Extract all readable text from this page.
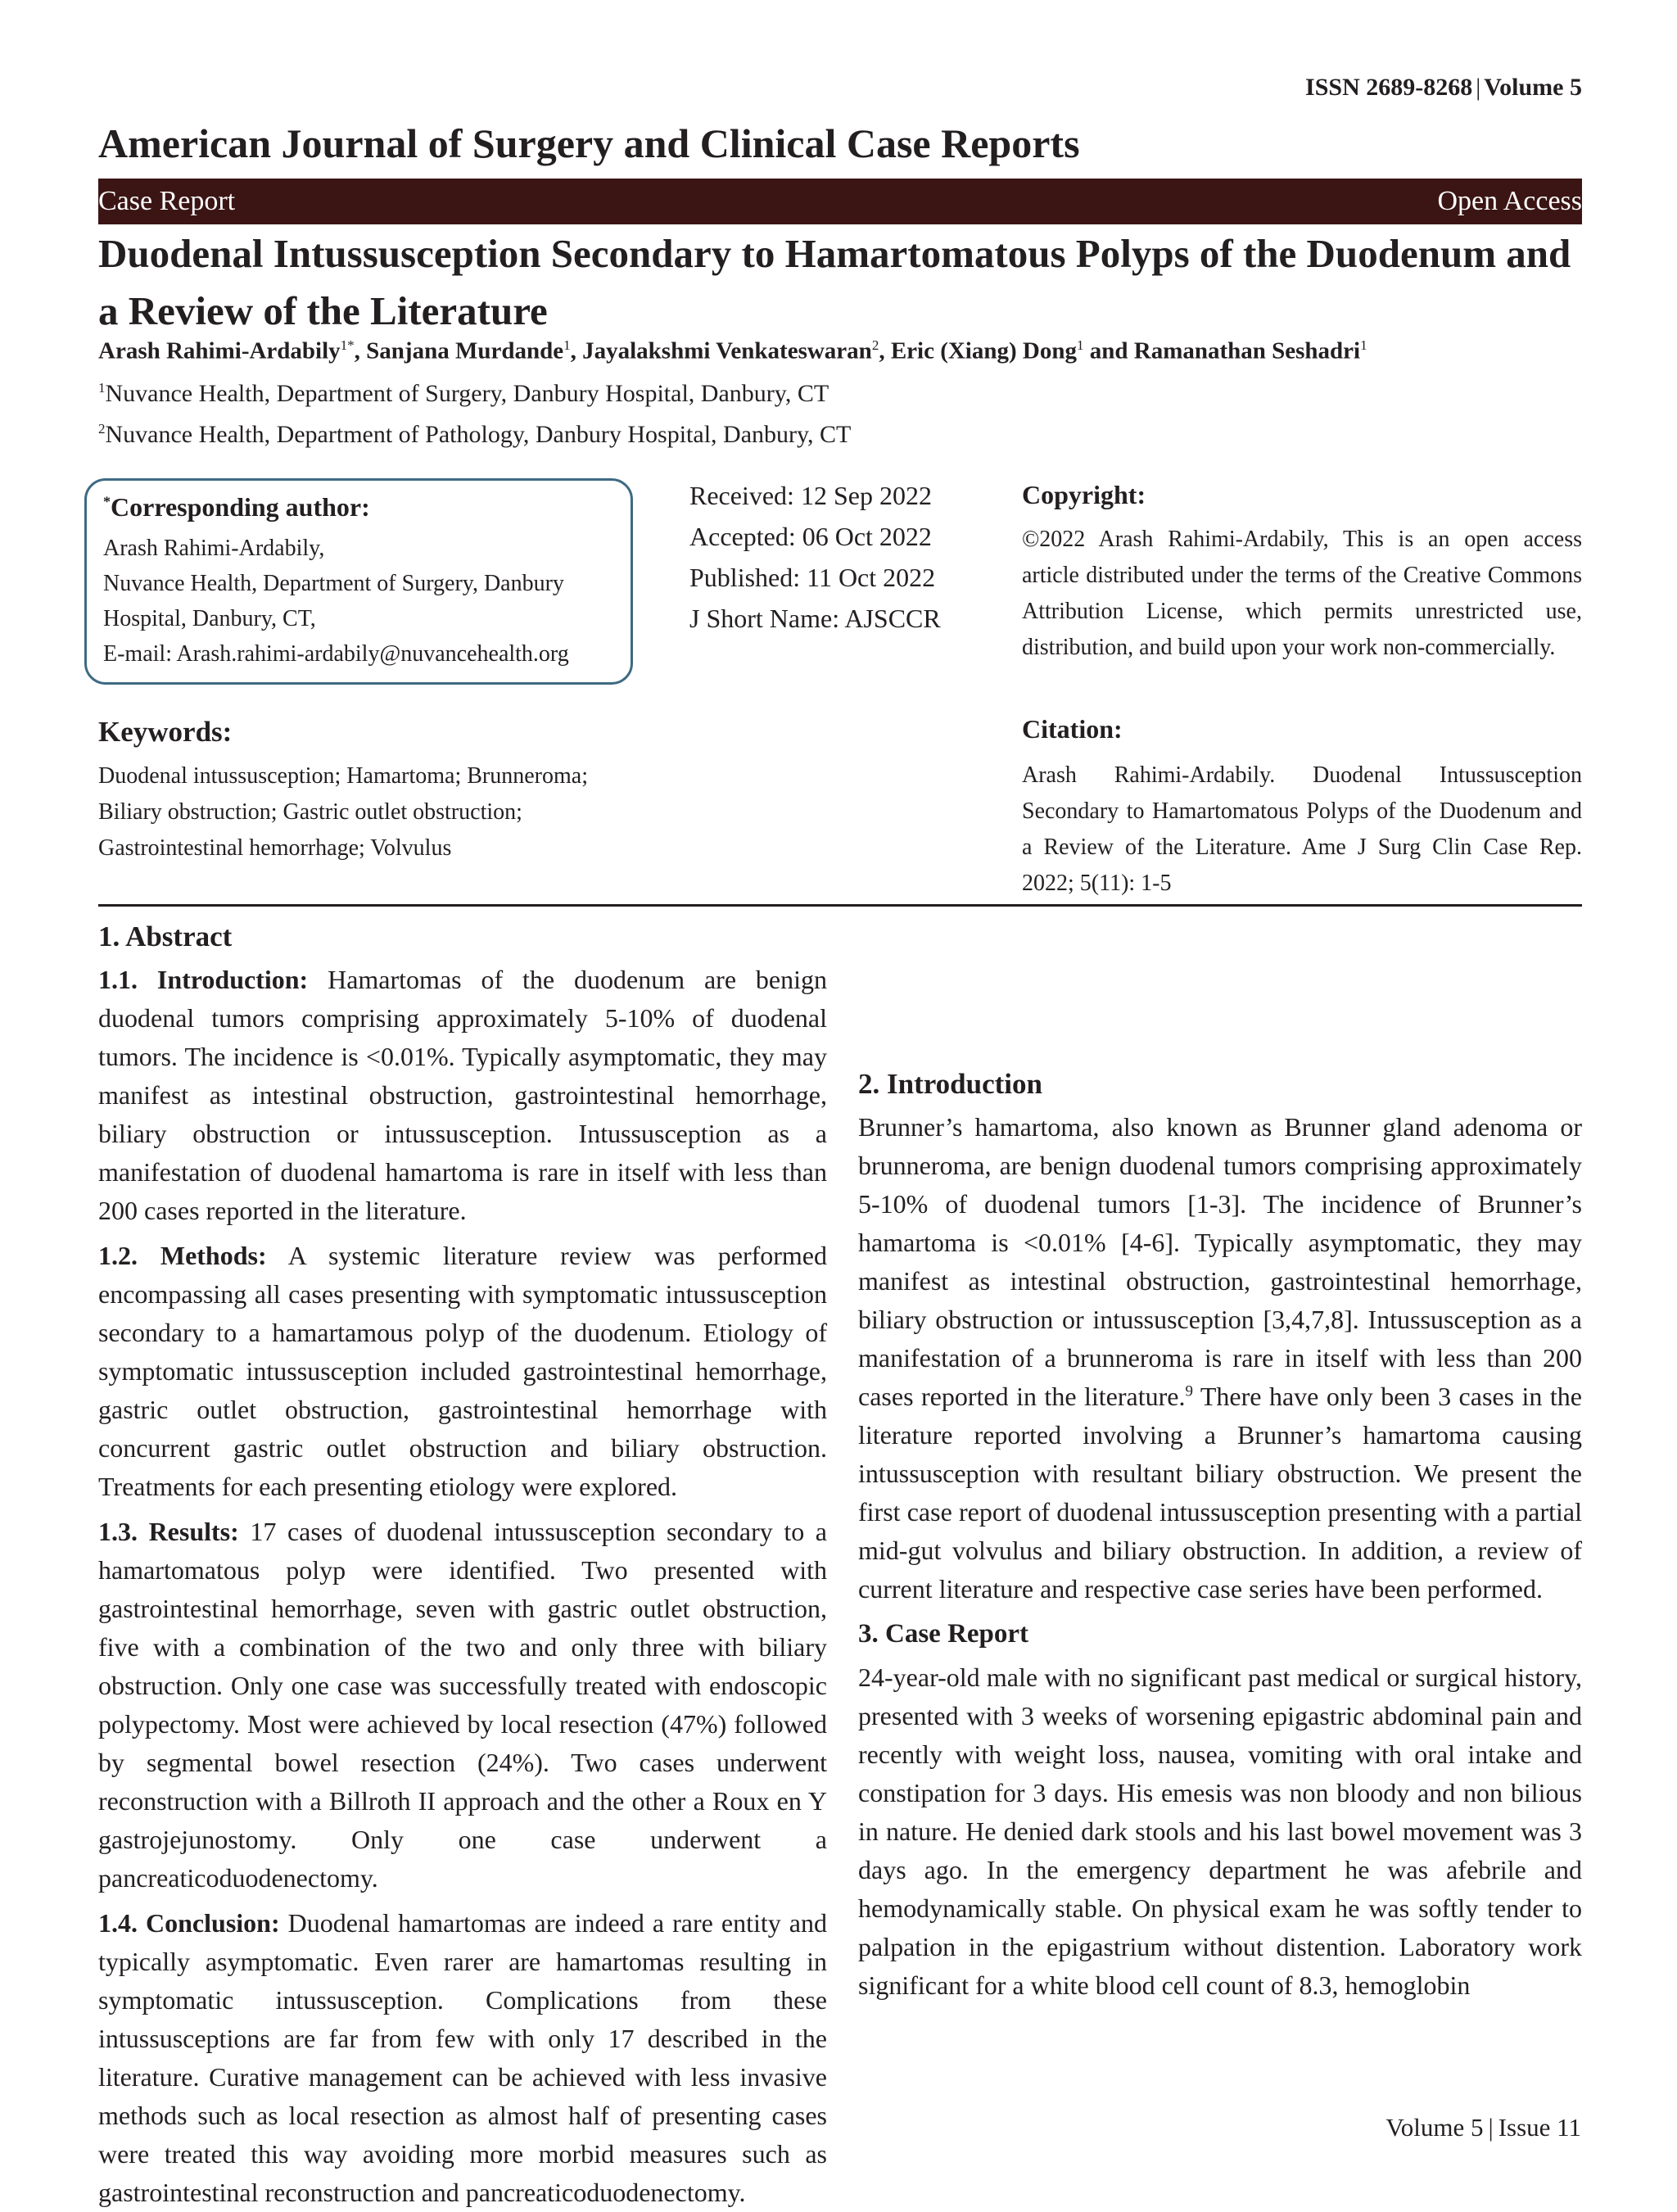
ISSN 2689-8268 | Volume 5
American Journal of Surgery and Clinical Case Reports
Case Report	Open Access
Duodenal Intussusception Secondary to Hamartomatous Polyps of the Duodenum and a Review of the Literature
Arash Rahimi-Ardabily$^{1*}$, Sanjana Murdande$^1$, Jayalakshmi Venkateswaran$^2$, Eric (Xiang) Dong$^1$ and Ramanathan Seshadri$^1$
$^1$Nuvance Health, Department of Surgery, Danbury Hospital, Danbury, CT
$^2$Nuvance Health, Department of Pathology, Danbury Hospital, Danbury, CT
*Corresponding author:
Arash Rahimi-Ardabily,
Nuvance Health, Department of Surgery, Danbury
Hospital, Danbury, CT,
E-mail: Arash.rahimi-ardabily@nuvancehealth.org
Received: 12 Sep 2022
Accepted: 06 Oct 2022
Published: 11 Oct 2022
J Short Name: AJSCCR
Copyright:
©2022 Arash Rahimi-Ardabily, This is an open access article distributed under the terms of the Creative Commons Attribution License, which permits unrestricted use, distribution, and build upon your work non-commercially.
Citation:
Arash Rahimi-Ardabily. Duodenal Intussusception Secondary to Hamartomatous Polyps of the Duodenum and a Review of the Literature. Ame J Surg Clin Case Rep. 2022; 5(11): 1-5
Keywords:
Duodenal intussusception; Hamartoma; Brunneroma;
Biliary obstruction; Gastric outlet obstruction;
Gastrointestinal hemorrhage; Volvulus
1. Abstract

1.1. Introduction: Hamartomas of the duodenum are benign duodenal tumors comprising approximately 5-10% of duodenal tumors. The incidence is <0.01%. Typically asymptomatic, they may manifest as intestinal obstruction, gastrointestinal hemorrhage, biliary obstruction or intussusception. Intussusception as a manifestation of duodenal hamartoma is rare in itself with less than 200 cases reported in the literature.

1.2. Methods: A systemic literature review was performed encompassing all cases presenting with symptomatic intussusception secondary to a hamartamous polyp of the duodenum. Etiology of symptomatic intussusception included gastrointestinal hemorrhage, gastric outlet obstruction, gastrointestinal hemorrhage with concurrent gastric outlet obstruction and biliary obstruction. Treatments for each presenting etiology were explored.

1.3. Results: 17 cases of duodenal intussusception secondary to a hamartomatous polyp were identified. Two presented with gastrointestinal hemorrhage, seven with gastric outlet obstruction, five with a combination of the two and only three with biliary obstruction. Only one case was successfully treated with endoscopic polypectomy. Most were achieved by local resection (47%) followed by segmental bowel resection (24%). Two cases underwent reconstruction with a Billroth II approach and the other a Roux en Y gastrojejunostomy. Only one case underwent a pancreaticoduodenectomy.

1.4. Conclusion: Duodenal hamartomas are indeed a rare entity and typically asymptomatic. Even rarer are hamartomas resulting in symptomatic intussusception. Complications from these intussusceptions are far from few with only 17 described in the literature. Curative management can be achieved with less invasive methods such as local resection as almost half of presenting cases were treated this way avoiding more morbid measures such as gastrointestinal reconstruction and pancreaticoduodenectomy.

2. Introduction

Brunner’s hamartoma, also known as Brunner gland adenoma or brunneroma, are benign duodenal tumors comprising approximately 5-10% of duodenal tumors [1-3]. The incidence of Brunner’s hamartoma is <0.01% [4-6]. Typically asymptomatic, they may manifest as intestinal obstruction, gastrointestinal hemorrhage, biliary obstruction or intussusception [3,4,7,8]. Intussusception as a manifestation of a brunneroma is rare in itself with less than 200 cases reported in the literature.$^9$ There have only been 3 cases in the literature reported involving a Brunner’s hamartoma causing intussusception with resultant biliary obstruction. We present the first case report of duodenal intussusception presenting with a partial mid-gut volvulus and biliary obstruction. In addition, a review of current literature and respective case series have been performed.

3. Case Report

24-year-old male with no significant past medical or surgical history, presented with 3 weeks of worsening epigastric abdominal pain and recently with weight loss, nausea, vomiting with oral intake and constipation for 3 days. His emesis was non bloody and non bilious in nature. He denied dark stools and his last bowel movement was 3 days ago. In the emergency department he was afebrile and hemodynamically stable. On physical exam he was softly tender to palpation in the epigastrium without distention. Laboratory work significant for a white blood cell count of 8.3, hemoglobin

Volume 5 | Issue 11
